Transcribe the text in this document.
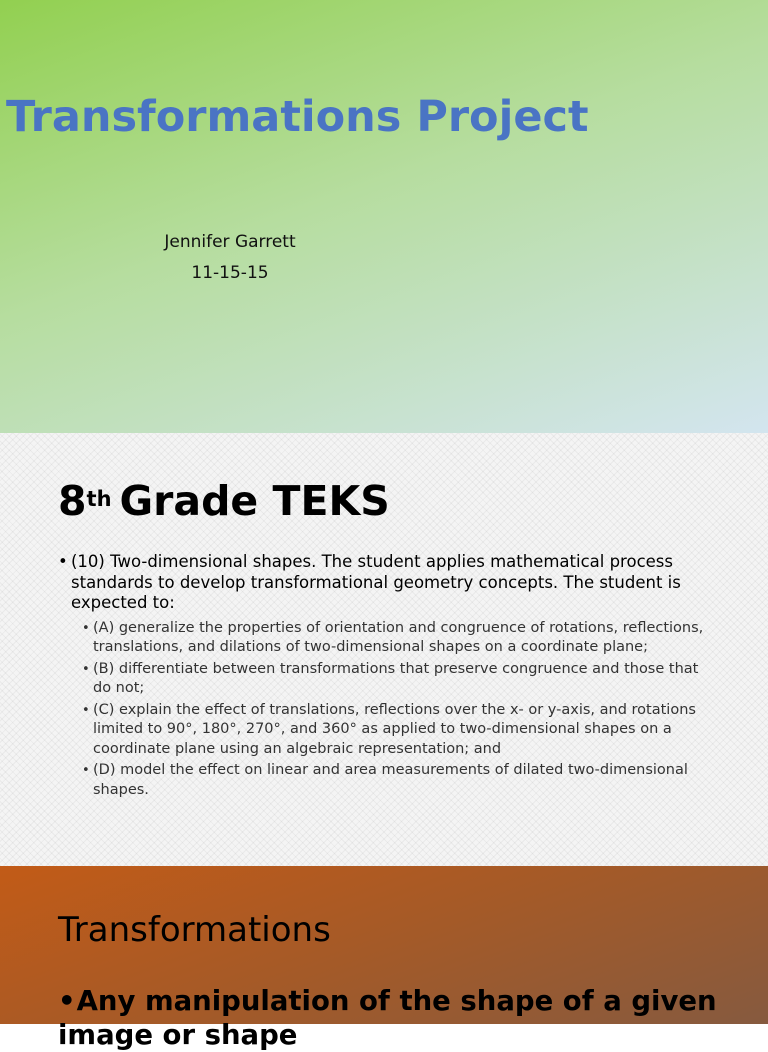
Transformations Project
Jennifer Garrett
11-15-15
8th Grade TEKS
• (10) Two-dimensional shapes. The student applies mathematical process standards to develop transformational geometry concepts. The student is expected to:
• (A) generalize the properties of orientation and congruence of rotations, reflections, translations, and dilations of two-dimensional shapes on a coordinate plane;
• (B) differentiate between transformations that preserve congruence and those that do not;
• (C) explain the effect of translations, reflections over the x- or y-axis, and rotations limited to 90°, 180°, 270°, and 360° as applied to two-dimensional shapes on a coordinate plane using an algebraic representation; and
• (D) model the effect on linear and area measurements of dilated two-dimensional shapes.
Transformations
•Any manipulation of the shape of a given image or shape
